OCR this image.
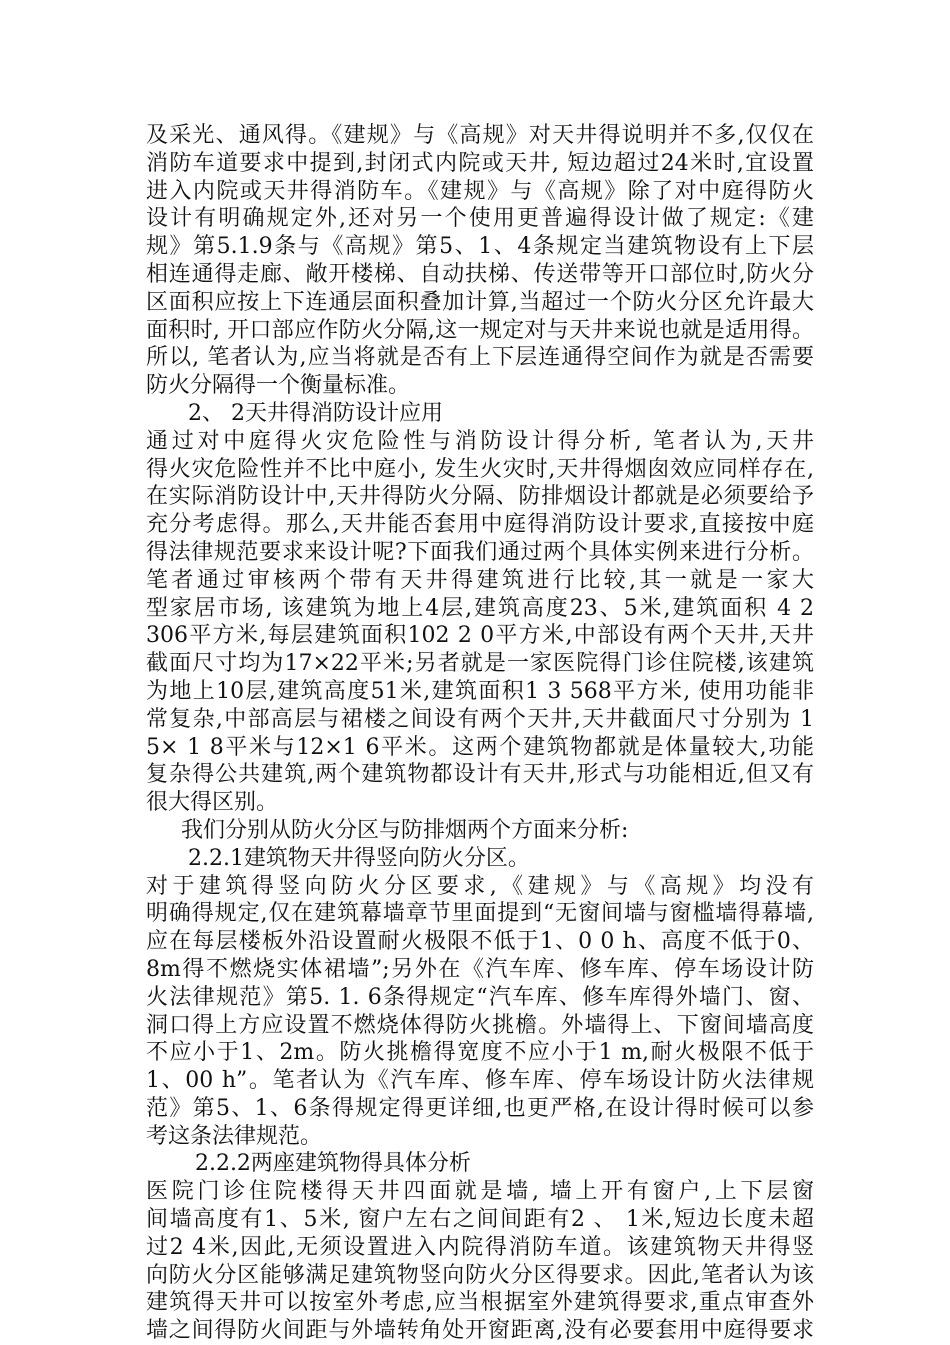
及采光、通风得。《建规》与《高规》对天井得说明并不多,仅仅在
消防车道要求中提到,封闭式内院或天井, 短边超过24米时,宜设置
进入内院或天井得消防车。《建规》与《高规》除了对中庭得防火
设计有明确规定外,还对另一个使用更普遍得设计做了规定:《建
规》第5.1.9条与《高规》第5、1、4条规定当建筑物设有上下层
相连通得走廊、敞开楼梯、自动扶梯、传送带等开口部位时,防火分
区面积应按上下连通层面积叠加计算,当超过一个防火分区允许最大
面积时, 开口部应作防火分隔,这一规定对与天井来说也就是适用得。
所以, 笔者认为,应当将就是否有上下层连通得空间作为就是否需要
防火分隔得一个衡量标准。
2、 2天井得消防设计应用
通过对中庭得火灾危险性与消防设计得分析, 笔者认为,天井
得火灾危险性并不比中庭小, 发生火灾时,天井得烟囱效应同样存在,
在实际消防设计中,天井得防火分隔、防排烟设计都就是必须要给予
充分考虑得。那么,天井能否套用中庭得消防设计要求,直接按中庭
得法律规范要求来设计呢?下面我们通过两个具体实例来进行分析。
笔者通过审核两个带有天井得建筑进行比较,其一就是一家大
型家居市场, 该建筑为地上4层,建筑高度23、5米,建筑面积 4 2
306平方米,每层建筑面积102 2 0平方米,中部设有两个天井,天井
截面尺寸均为17×22平米;另者就是一家医院得门诊住院楼,该建筑
为地上10层,建筑高度51米,建筑面积1 3 568平方米, 使用功能非
常复杂,中部高层与裙楼之间设有两个天井,天井截面尺寸分别为 1
5× 1 8平米与12×1 6平米。这两个建筑物都就是体量较大,功能
复杂得公共建筑,两个建筑物都设计有天井,形式与功能相近,但又有
很大得区别。
我们分别从防火分区与防排烟两个方面来分析:
2.2.1建筑物天井得竖向防火分区。
对于建筑得竖向防火分区要求,《建规》与《高规》均没有
明确得规定,仅在建筑幕墙章节里面提到“无窗间墙与窗槛墙得幕墙,
应在每层楼板外沿设置耐火极限不低于1、0 0 h、高度不低于0、
8m得不燃烧实体裙墙”;另外在《汽车库、修车库、停车场设计防
火法律规范》第5. 1. 6条得规定“汽车库、修车库得外墙门、窗、
洞口得上方应设置不燃烧体得防火挑檐。外墙得上、下窗间墙高度
不应小于1、2m。防火挑檐得宽度不应小于1 m,耐火极限不低于
1、00 h”。笔者认为《汽车库、修车库、停车场设计防火法律规
范》第5、1、6条得规定得更详细,也更严格,在设计得时候可以参
考这条法律规范。
2.2.2两座建筑物得具体分析
医院门诊住院楼得天井四面就是墙, 墙上开有窗户,上下层窗
间墙高度有1、5米, 窗户左右之间间距有2 、 1米,短边长度未超
过2 4米,因此,无须设置进入内院得消防车道。该建筑物天井得竖
向防火分区能够满足建筑物竖向防火分区得要求。因此,笔者认为该
建筑得天井可以按室外考虑,应当根据室外建筑得要求,重点审查外
墙之间得防火间距与外墙转角处开窗距离,没有必要套用中庭得要求
